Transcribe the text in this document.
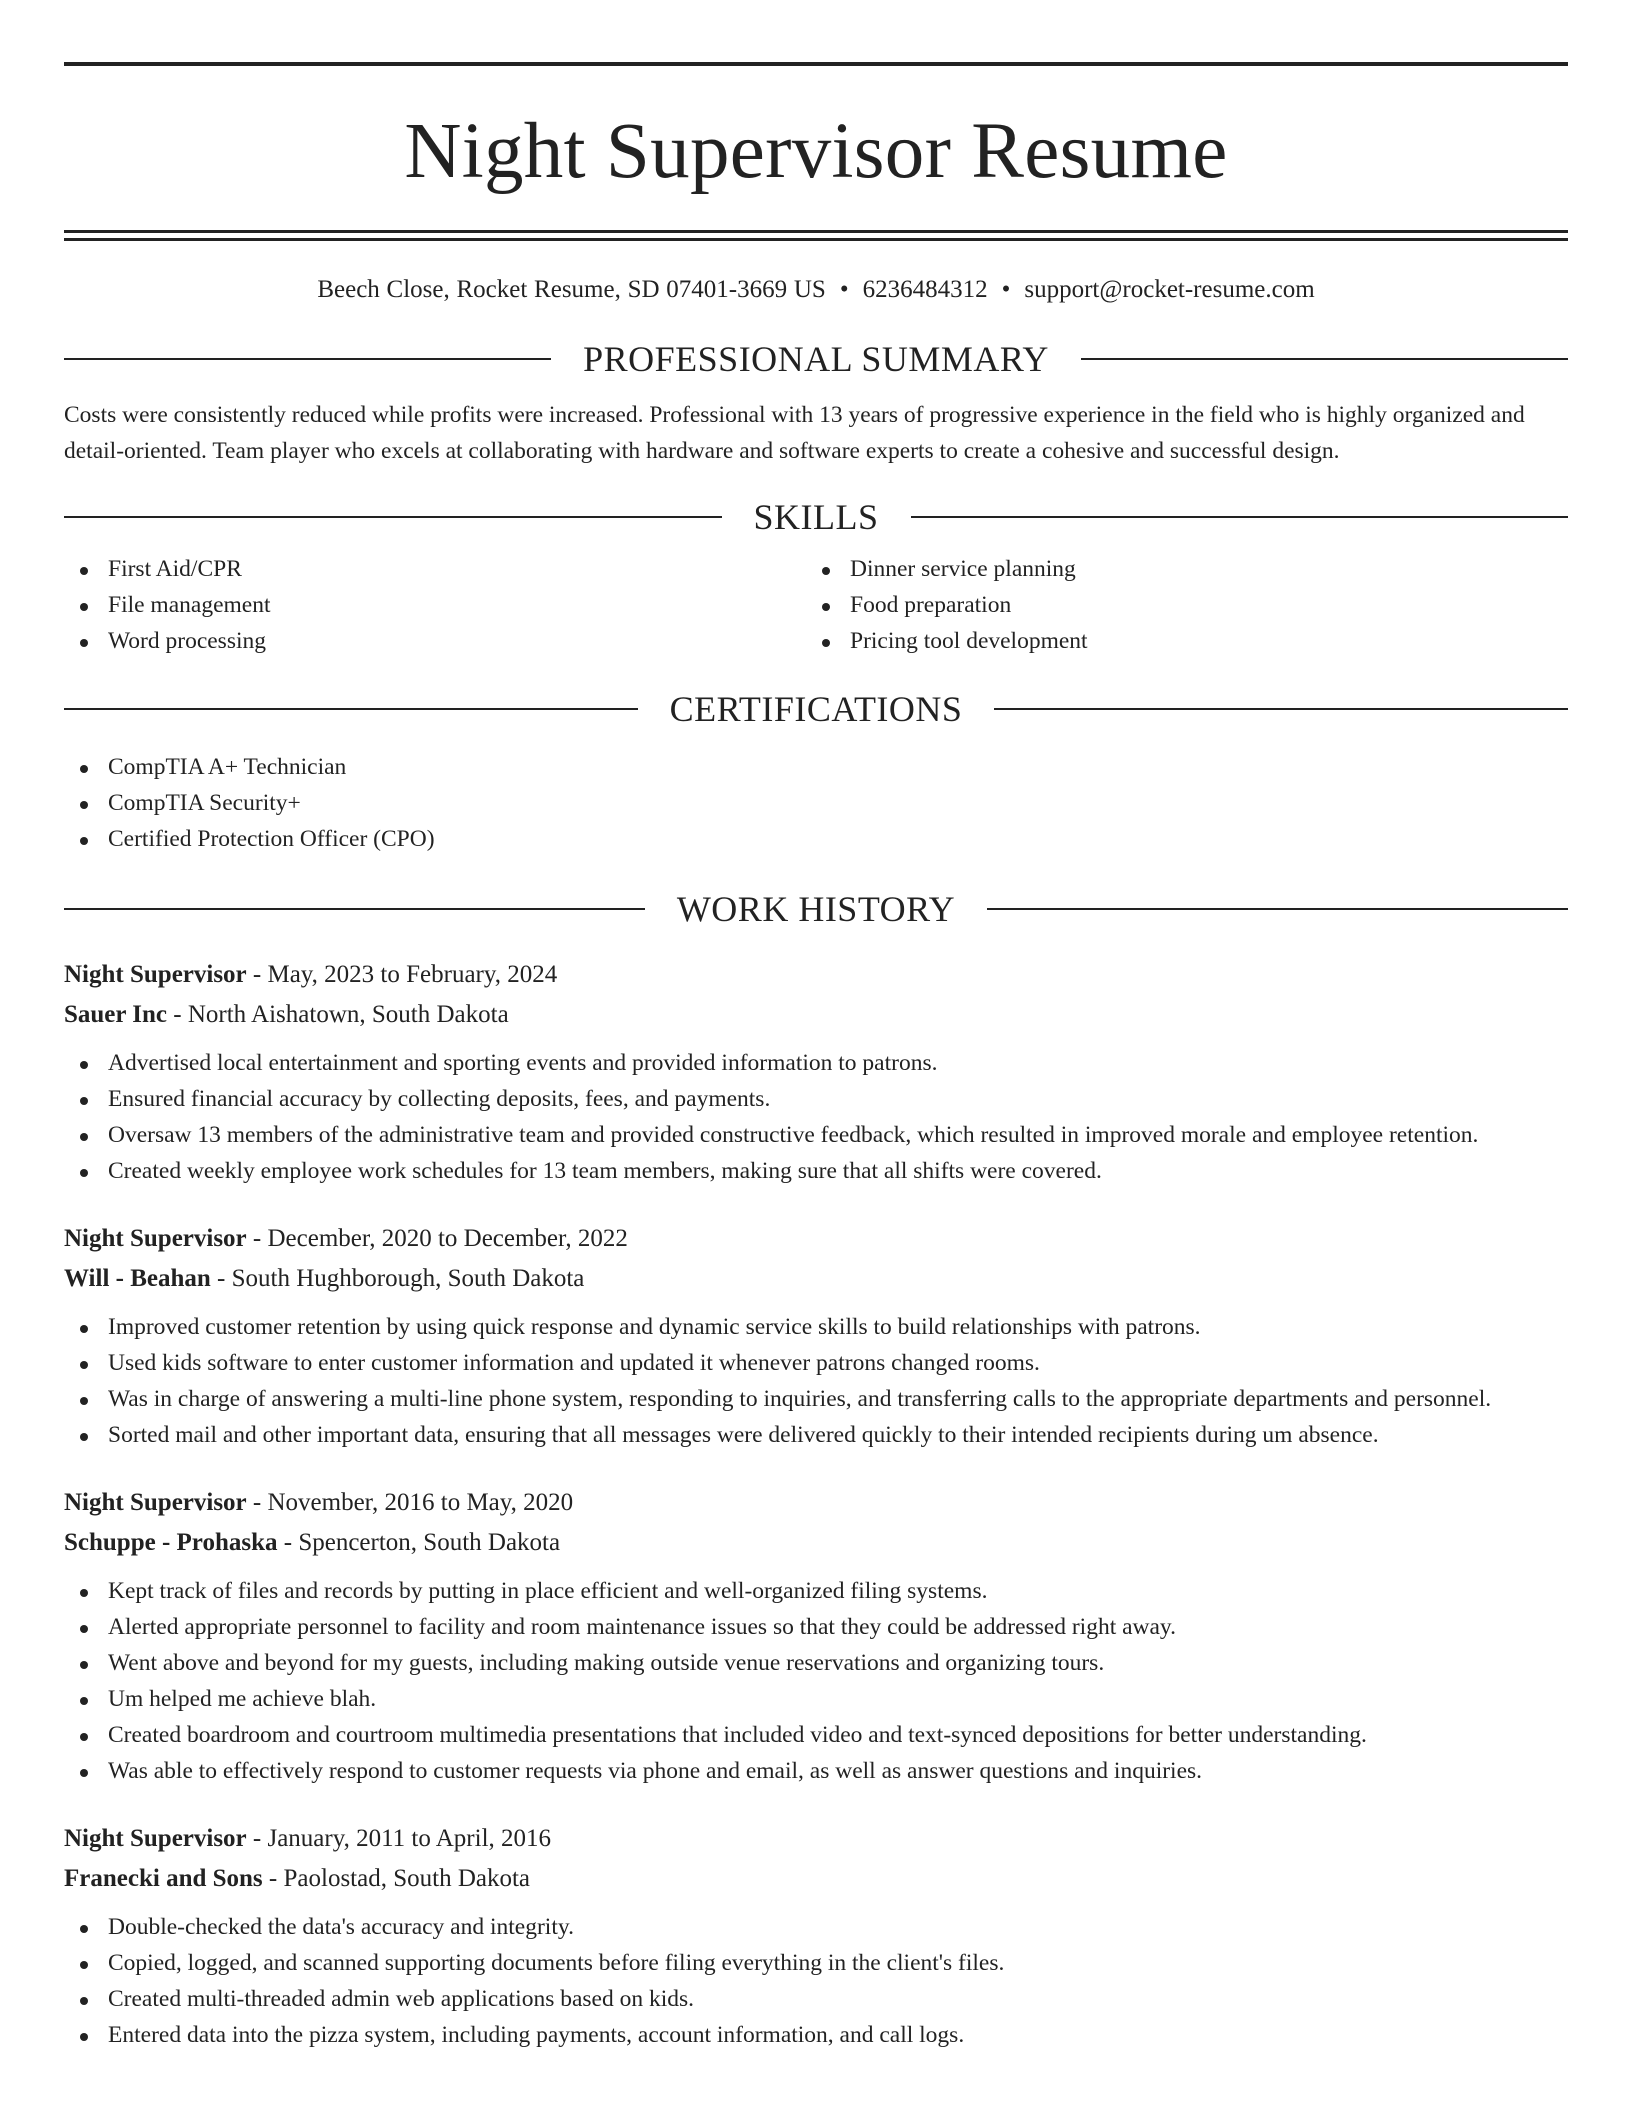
Night Supervisor Resume
Beech Close, Rocket Resume, SD 07401-3669 US • 6236484312 • support@rocket-resume.com
PROFESSIONAL SUMMARY
Costs were consistently reduced while profits were increased. Professional with 13 years of progressive experience in the field who is highly organized and detail-oriented. Team player who excels at collaborating with hardware and software experts to create a cohesive and successful design.
SKILLS
First Aid/CPR
File management
Word processing
Dinner service planning
Food preparation
Pricing tool development
CERTIFICATIONS
CompTIA A+ Technician
CompTIA Security+
Certified Protection Officer (CPO)
WORK HISTORY
Night Supervisor - May, 2023 to February, 2024
Sauer Inc - North Aishatown, South Dakota
Advertised local entertainment and sporting events and provided information to patrons.
Ensured financial accuracy by collecting deposits, fees, and payments.
Oversaw 13 members of the administrative team and provided constructive feedback, which resulted in improved morale and employee retention.
Created weekly employee work schedules for 13 team members, making sure that all shifts were covered.
Night Supervisor - December, 2020 to December, 2022
Will - Beahan - South Hughborough, South Dakota
Improved customer retention by using quick response and dynamic service skills to build relationships with patrons.
Used kids software to enter customer information and updated it whenever patrons changed rooms.
Was in charge of answering a multi-line phone system, responding to inquiries, and transferring calls to the appropriate departments and personnel.
Sorted mail and other important data, ensuring that all messages were delivered quickly to their intended recipients during um absence.
Night Supervisor - November, 2016 to May, 2020
Schuppe - Prohaska - Spencerton, South Dakota
Kept track of files and records by putting in place efficient and well-organized filing systems.
Alerted appropriate personnel to facility and room maintenance issues so that they could be addressed right away.
Went above and beyond for my guests, including making outside venue reservations and organizing tours.
Um helped me achieve blah.
Created boardroom and courtroom multimedia presentations that included video and text-synced depositions for better understanding.
Was able to effectively respond to customer requests via phone and email, as well as answer questions and inquiries.
Night Supervisor - January, 2011 to April, 2016
Franecki and Sons - Paolostad, South Dakota
Double-checked the data's accuracy and integrity.
Copied, logged, and scanned supporting documents before filing everything in the client's files.
Created multi-threaded admin web applications based on kids.
Entered data into the pizza system, including payments, account information, and call logs.
